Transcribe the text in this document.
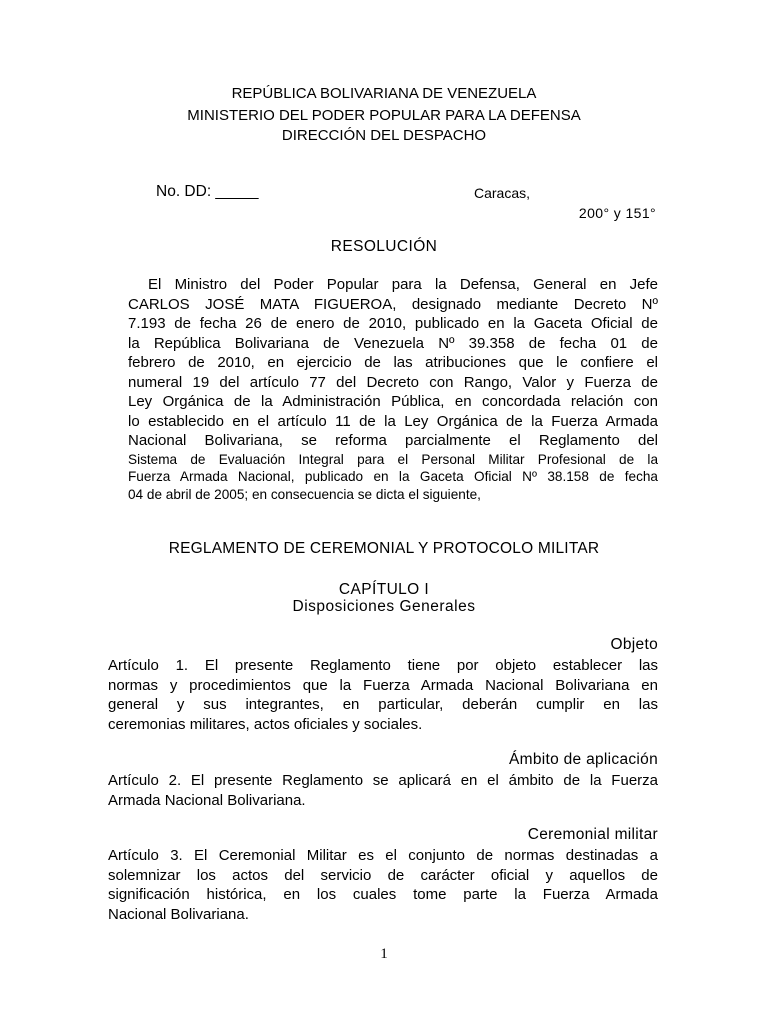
REPÚBLICA BOLIVARIANA DE VENEZUELA
MINISTERIO DEL PODER POPULAR PARA LA DEFENSA
DIRECCIÓN DEL DESPACHO
No. DD: _____	Caracas,
200° y 151°
RESOLUCIÓN
El Ministro del Poder Popular para la Defensa, General en Jefe
CARLOS JOSÉ MATA FIGUEROA, designado mediante Decreto Nº
7.193 de fecha 26 de enero de 2010, publicado en la Gaceta Oficial de
la República Bolivariana de Venezuela Nº 39.358 de fecha 01 de
febrero de 2010, en ejercicio de las atribuciones que le confiere el
numeral 19 del artículo 77 del Decreto con Rango, Valor y Fuerza de
Ley Orgánica de la Administración Pública, en concordada relación con
lo establecido en el artículo 11 de la Ley Orgánica de la Fuerza Armada
Nacional Bolivariana, se reforma parcialmente el Reglamento del
Sistema de Evaluación Integral para el Personal Militar Profesional de la
Fuerza Armada Nacional, publicado en la Gaceta Oficial Nº 38.158 de fecha
04 de abril de 2005; en consecuencia se dicta el siguiente,
REGLAMENTO DE CEREMONIAL Y PROTOCOLO MILITAR
CAPÍTULO I
Disposiciones Generales
Objeto
Artículo 1. El presente Reglamento tiene por objeto establecer las
normas y procedimientos que la Fuerza Armada Nacional Bolivariana en
general y sus integrantes, en particular, deberán cumplir en las
ceremonias militares, actos oficiales y sociales.
Ámbito de aplicación
Artículo 2. El presente Reglamento se aplicará en el ámbito de la Fuerza
Armada Nacional Bolivariana.
Ceremonial militar
Artículo 3. El Ceremonial Militar es el conjunto de normas destinadas a
solemnizar los actos del servicio de carácter oficial y aquellos de
significación histórica, en los cuales tome parte la Fuerza Armada
Nacional Bolivariana.
1
